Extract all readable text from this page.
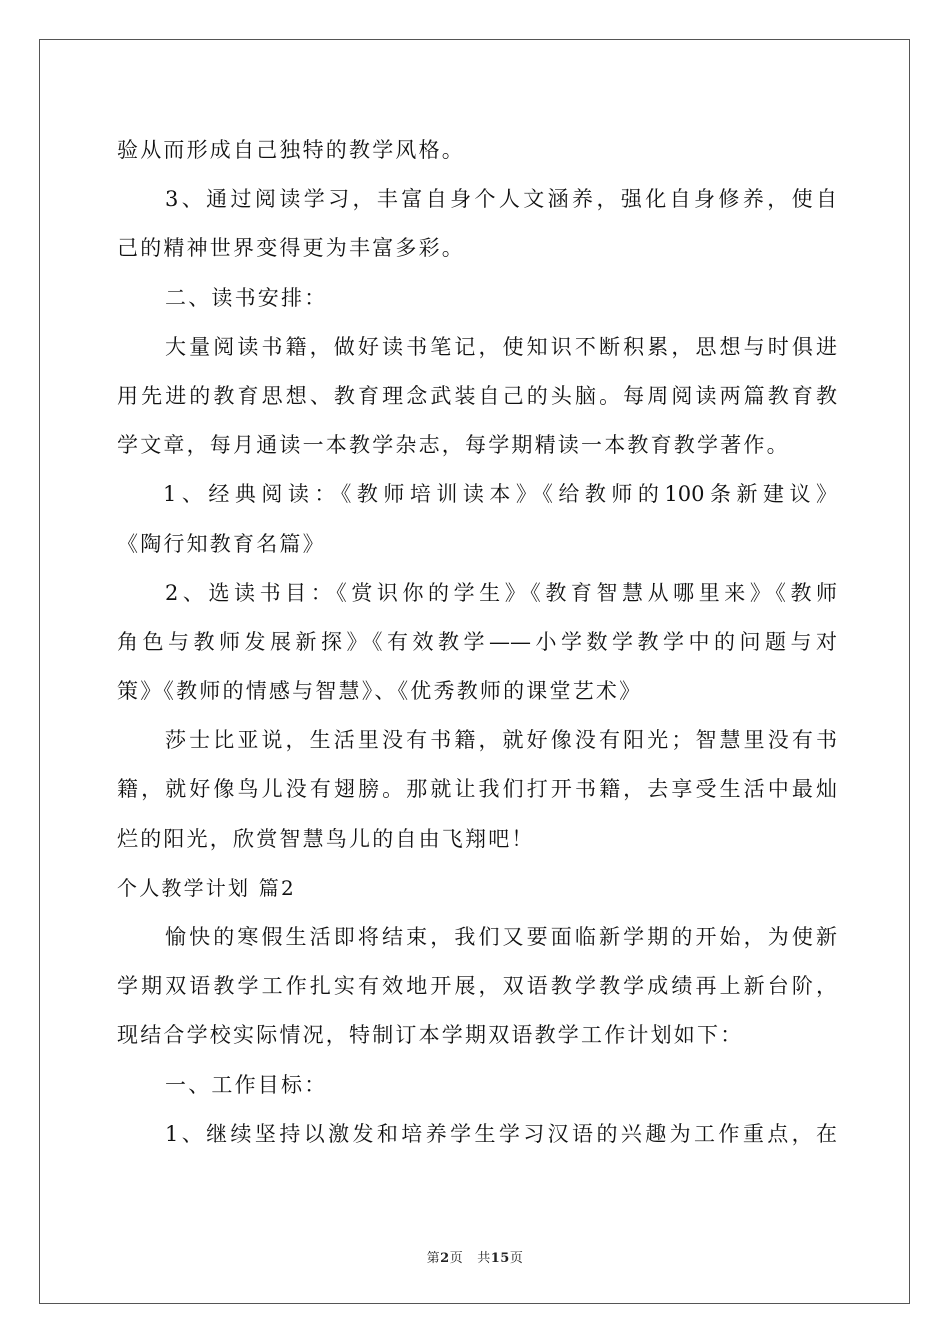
验从而形成自己独特的教学风格。
3、通过阅读学习，丰富自身个人文涵养，强化自身修养，使自
己的精神世界变得更为丰富多彩。
二、读书安排：
大量阅读书籍，做好读书笔记，使知识不断积累，思想与时俱进
用先进的教育思想、教育理念武装自己的头脑。每周阅读两篇教育教
学文章，每月通读一本教学杂志，每学期精读一本教育教学著作。
1、经典阅读：《教师培训读本》《给教师的100条新建议》
《陶行知教育名篇》
2、选读书目：《赏识你的学生》《教育智慧从哪里来》《教师
角色与教师发展新探》《有效教学——小学数学教学中的问题与对
策》《教师的情感与智慧》、《优秀教师的课堂艺术》
莎士比亚说，生活里没有书籍，就好像没有阳光；智慧里没有书
籍，就好像鸟儿没有翅膀。那就让我们打开书籍，去享受生活中最灿
烂的阳光，欣赏智慧鸟儿的自由飞翔吧！
个人教学计划 篇2
愉快的寒假生活即将结束，我们又要面临新学期的开始，为使新
学期双语教学工作扎实有效地开展，双语教学教学成绩再上新台阶，
现结合学校实际情况，特制订本学期双语教学工作计划如下：
一、工作目标：
1、继续坚持以激发和培养学生学习汉语的兴趣为工作重点，在
第2页 共15页
